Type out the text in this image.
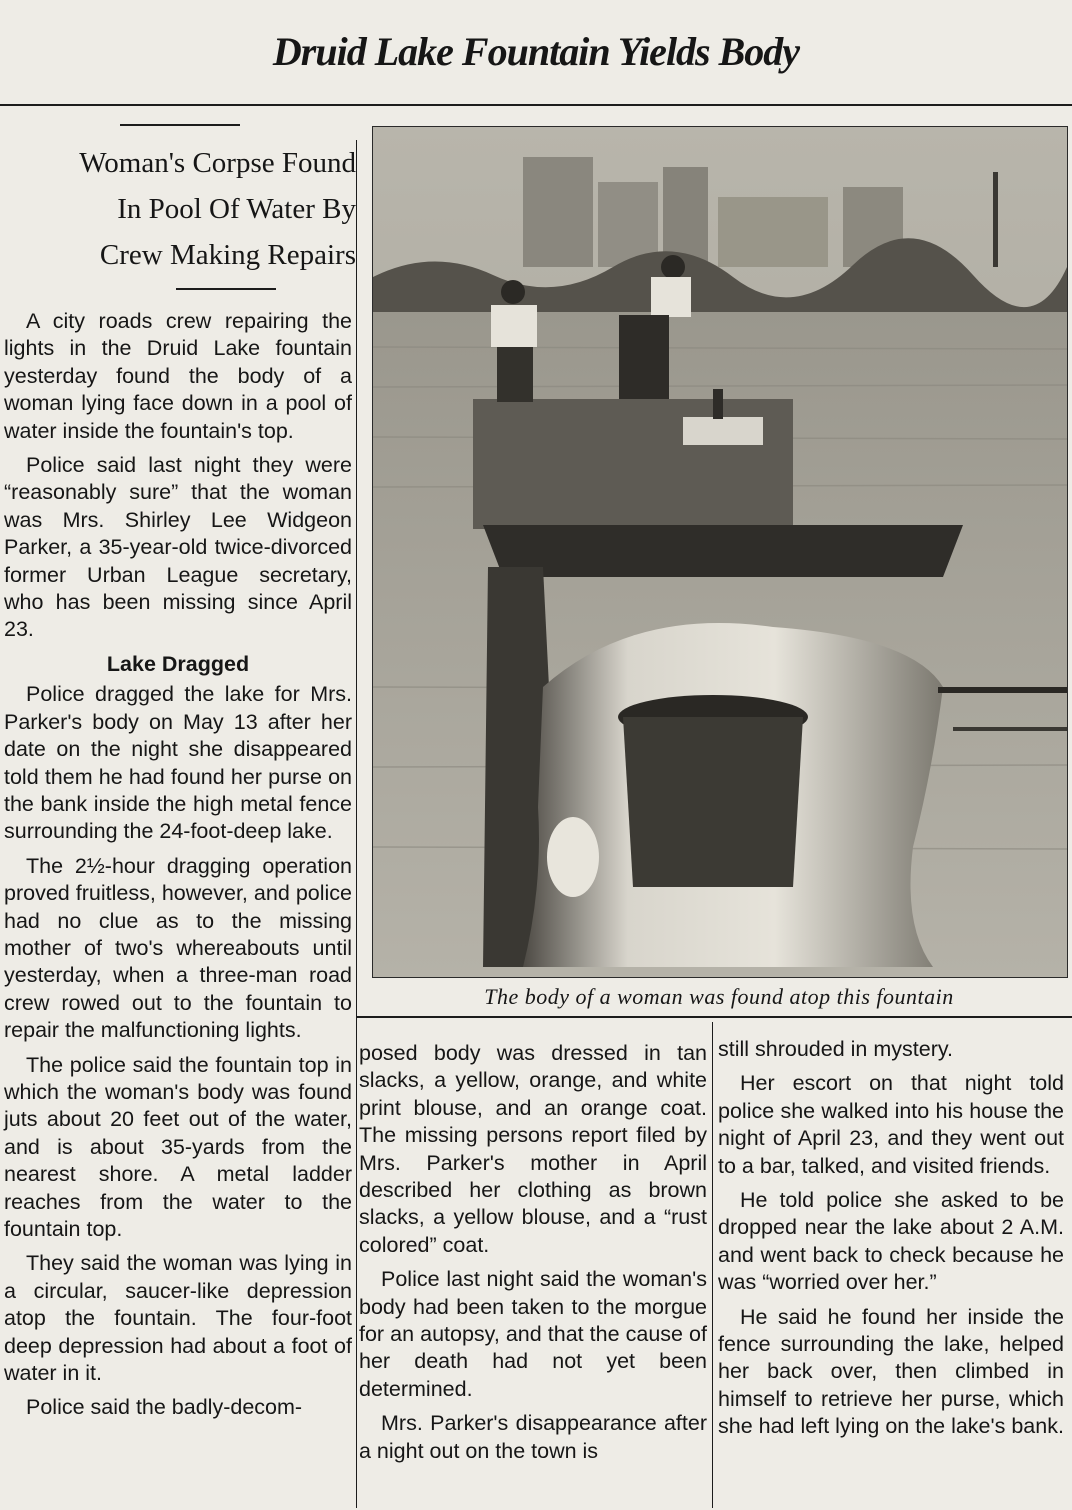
Druid Lake Fountain Yields Body
Woman's Corpse Found
In Pool Of Water By
Crew Making Repairs

A city roads crew repairing the lights in the Druid Lake fountain yesterday found the body of a woman lying face down in a pool of water inside the fountain's top.

Police said last night they were “reasonably sure” that the woman was Mrs. Shirley Lee Widgeon Parker, a 35-year-old twice-divorced former Urban League secretary, who has been missing since April 23.

Lake Dragged

Police dragged the lake for Mrs. Parker's body on May 13 after her date on the night she disappeared told them he had found her purse on the bank inside the high metal fence surrounding the 24-foot-deep lake.

The 2½-hour dragging operation proved fruitless, however, and police had no clue as to the missing mother of two's whereabouts until yesterday, when a three-man road crew rowed out to the fountain to repair the malfunctioning lights.

The police said the fountain top in which the woman's body was found juts about 20 feet out of the water, and is about 35-yards from the nearest shore. A metal ladder reaches from the water to the fountain top.

They said the woman was lying in a circular, saucer-like depression atop the fountain. The four-foot deep depression had about a foot of water in it.

Police said the badly-decom-

The body of a woman was found atop this fountain

posed body was dressed in tan slacks, a yellow, orange, and white print blouse, and an orange coat. The missing persons report filed by Mrs. Parker's mother in April described her clothing as brown slacks, a yellow blouse, and a “rust colored” coat.

Police last night said the woman's body had been taken to the morgue for an autopsy, and that the cause of her death had not yet been determined.

Mrs. Parker's disappearance after a night out on the town is

still shrouded in mystery.

Her escort on that night told police she walked into his house the night of April 23, and they went out to a bar, talked, and visited friends.

He told police she asked to be dropped near the lake about 2 A.M. and went back to check because he was “worried over her.”

He said he found her inside the fence surrounding the lake, helped her back over, then climbed in himself to retrieve her purse, which she had left lying on the lake's bank.
